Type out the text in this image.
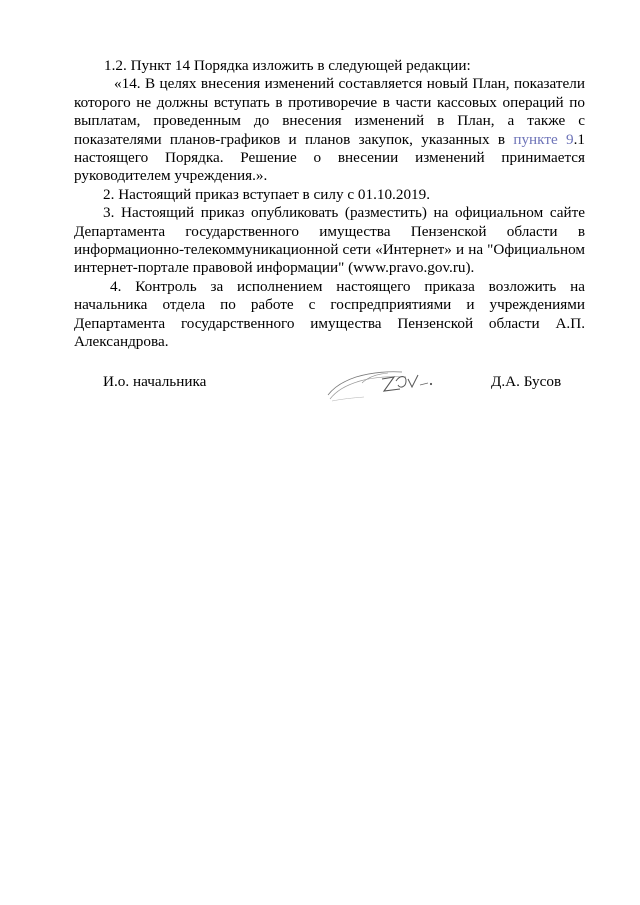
1.2. Пункт 14 Порядка изложить в следующей редакции:

«14. В целях внесения изменений составляется новый План, показатели которого не должны вступать в противоречие в части кассовых операций по выплатам, проведенным до внесения изменений в План, а также с показателями планов-графиков и планов закупок, указанных в пункте 9.1 настоящего Порядка. Решение о внесении изменений принимается руководителем учреждения.».

2. Настоящий приказ вступает в силу с 01.10.2019.

3. Настоящий приказ опубликовать (разместить) на официальном сайте Департамента государственного имущества Пензенской области в информационно-телекоммуникационной сети «Интернет» и на "Официальном интернет-портале правовой информации" (www.pravo.gov.ru).

4. Контроль за исполнением настоящего приказа возложить на начальника отдела по работе с госпредприятиями и учреждениями Департамента государственного имущества Пензенской области А.П. Александрова.

И.о. начальника	Д.А. Бусов
